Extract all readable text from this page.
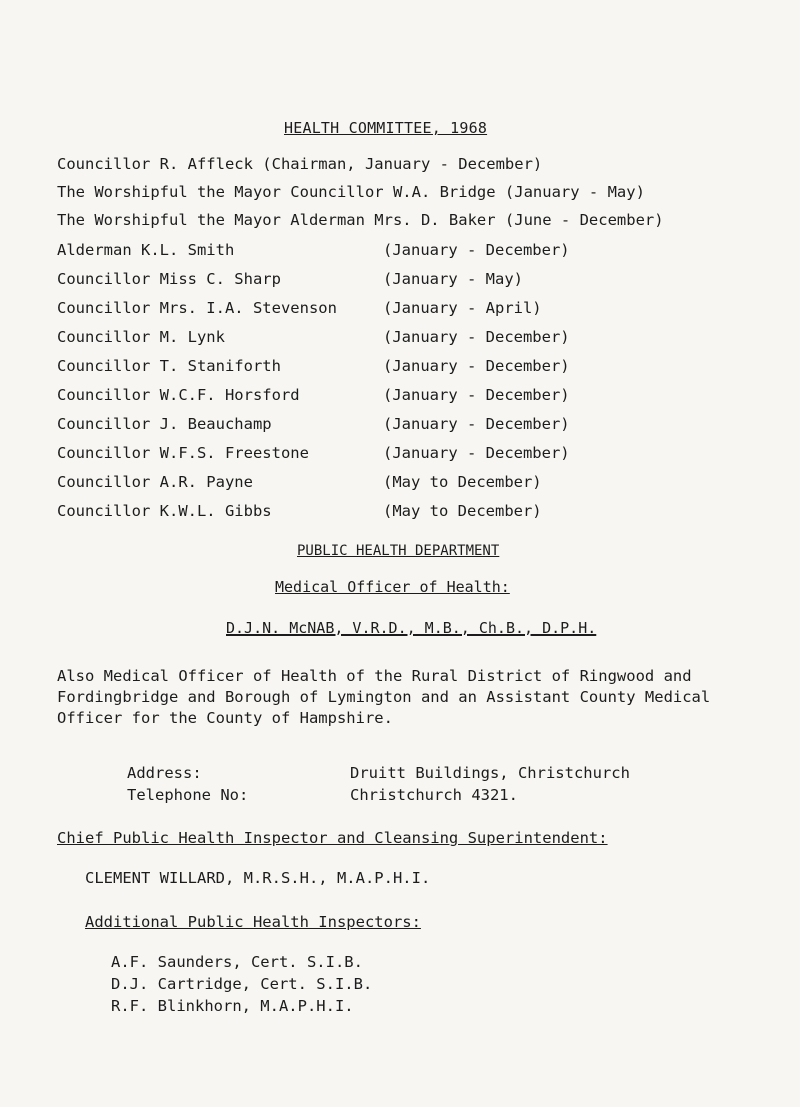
HEALTH COMMITTEE, 1968
Councillor R. Affleck (Chairman, January - December)
The Worshipful the Mayor Councillor W.A. Bridge (January - May)
The Worshipful the Mayor Alderman Mrs. D. Baker (June - December)
Alderman K.L. Smith	(January - December)
Councillor Miss C. Sharp	(January - May)
Councillor Mrs. I.A. Stevenson	(January - April)
Councillor M. Lynk	(January - December)
Councillor T. Staniforth	(January - December)
Councillor W.C.F. Horsford	(January - December)
Councillor J. Beauchamp	(January - December)
Councillor W.F.S. Freestone	(January - December)
Councillor A.R. Payne	(May to December)
Councillor K.W.L. Gibbs	(May to December)
PUBLIC HEALTH DEPARTMENT
Medical Officer of Health:
D.J.N. McNAB, V.R.D., M.B., Ch.B., D.P.H.
Also Medical Officer of Health of the Rural District of Ringwood and Fordingbridge and Borough of Lymington and an Assistant County Medical Officer for the County of Hampshire.
Address:	Druitt Buildings, Christchurch
Telephone No:	Christchurch 4321.
Chief Public Health Inspector and Cleansing Superintendent:
CLEMENT WILLARD, M.R.S.H., M.A.P.H.I.
Additional Public Health Inspectors:
A.F. Saunders, Cert. S.I.B.
D.J. Cartridge, Cert. S.I.B.
R.F. Blinkhorn, M.A.P.H.I.
